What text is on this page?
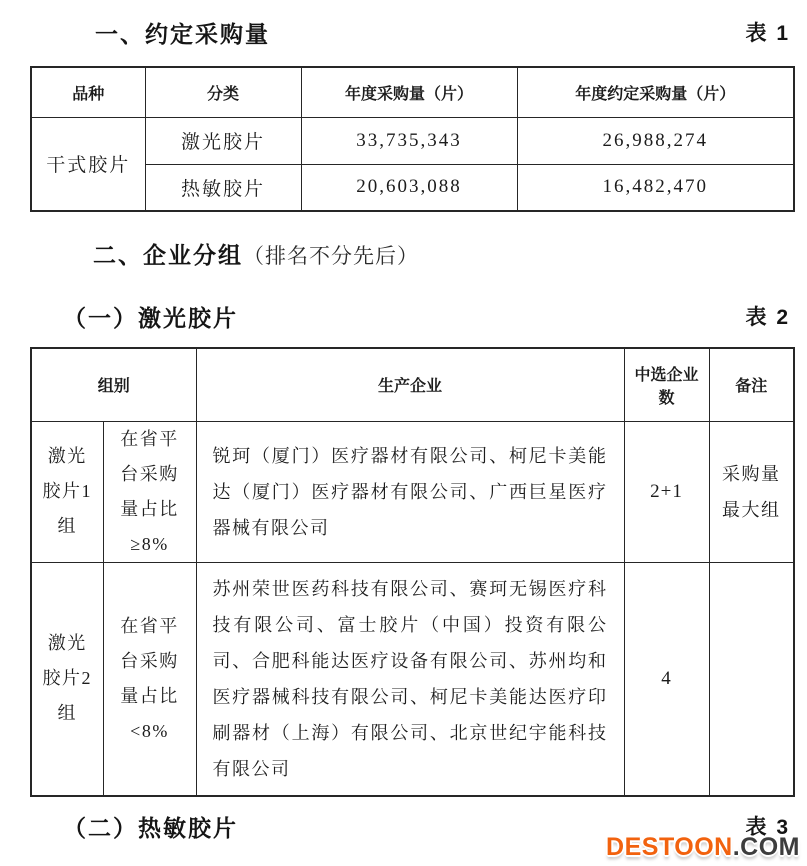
一、约定采购量	表 1
品种	分类	年度采购量（片）	年度约定采购量（片）
干式胶片	激光胶片	33,735,343	26,988,274
	热敏胶片	20,603,088	16,482,470
二、企业分组（排名不分先后）
（一）激光胶片	表 2
组别		生产企业	中选企业数	备注
激光胶片1组	在省平台采购量占比≥8%	锐珂（厦门）医疗器材有限公司、柯尼卡美能达（厦门）医疗器材有限公司、广西巨星医疗器械有限公司	2+1	采购量最大组
激光胶片2组	在省平台采购量占比<8%	苏州荣世医药科技有限公司、赛珂无锡医疗科技有限公司、富士胶片（中国）投资有限公司、合肥科能达医疗设备有限公司、苏州均和医疗器械科技有限公司、柯尼卡美能达医疗印刷器材（上海）有限公司、北京世纪宇能科技有限公司	4	
（二）热敏胶片	表 3
DESTOON.COM
